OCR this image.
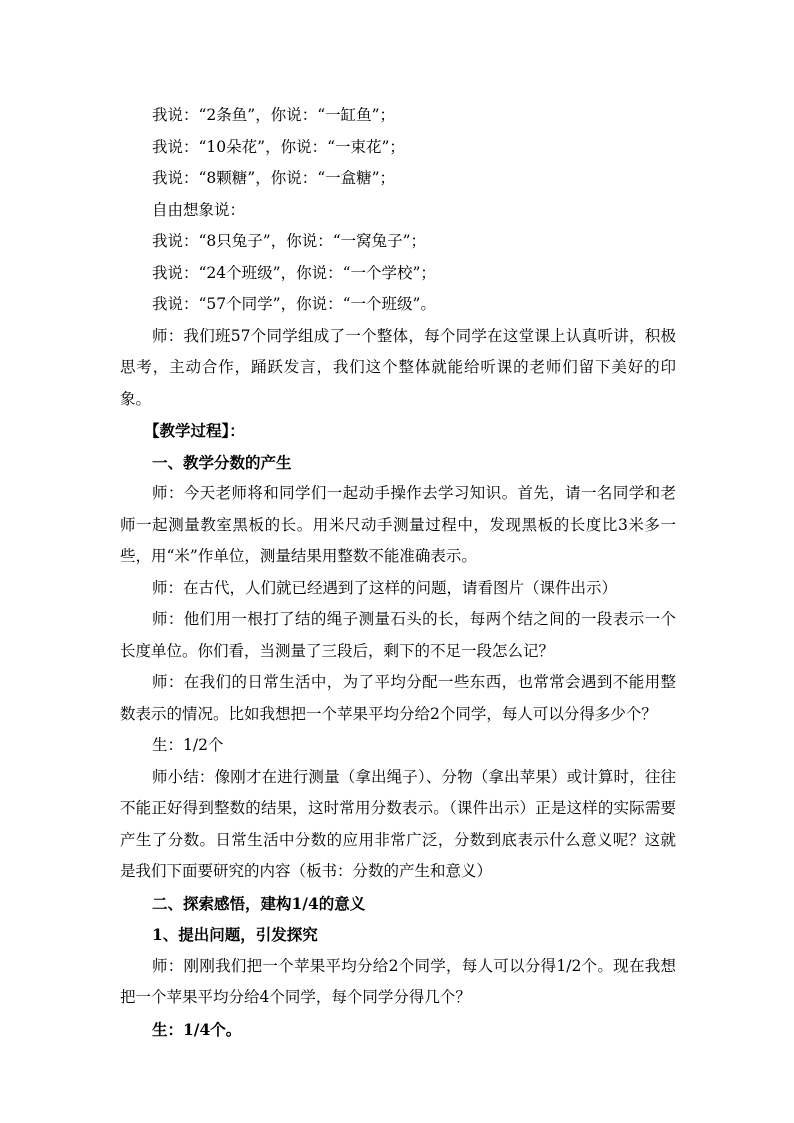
我说：“2条鱼”，你说：“一缸鱼”；

我说：“10朵花”，你说：“一束花”；

我说：“8颗糖”，你说：“一盒糖”；

自由想象说：

我说：“8只兔子”，你说：“一窝兔子”；

我说：“24个班级”，你说：“一个学校”；

我说：“57个同学”，你说：“一个班级”。

师：我们班57个同学组成了一个整体，每个同学在这堂课上认真听讲，积极思考，主动合作，踊跃发言，我们这个整体就能给听课的老师们留下美好的印象。

【教学过程】：

一、教学分数的产生

师：今天老师将和同学们一起动手操作去学习知识。首先，请一名同学和老师一起测量教室黑板的长。用米尺动手测量过程中，发现黑板的长度比3米多一些，用“米”作单位，测量结果用整数不能准确表示。

师：在古代，人们就已经遇到了这样的问题，请看图片（课件出示）

师：他们用一根打了结的绳子测量石头的长，每两个结之间的一段表示一个长度单位。你们看，当测量了三段后，剩下的不足一段怎么记？

师：在我们的日常生活中，为了平均分配一些东西，也常常会遇到不能用整数表示的情况。比如我想把一个苹果平均分给2个同学，每人可以分得多少个？

生：1/2个

师小结：像刚才在进行测量（拿出绳子）、分物（拿出苹果）或计算时，往往不能正好得到整数的结果，这时常用分数表示。（课件出示）正是这样的实际需要产生了分数。日常生活中分数的应用非常广泛，分数到底表示什么意义呢？这就是我们下面要研究的内容（板书：分数的产生和意义）

二、探索感悟，建构1/4的意义

1、提出问题，引发探究

师：刚刚我们把一个苹果平均分给2个同学，每人可以分得1/2个。现在我想把一个苹果平均分给4个同学，每个同学分得几个？

生：1/4个。
